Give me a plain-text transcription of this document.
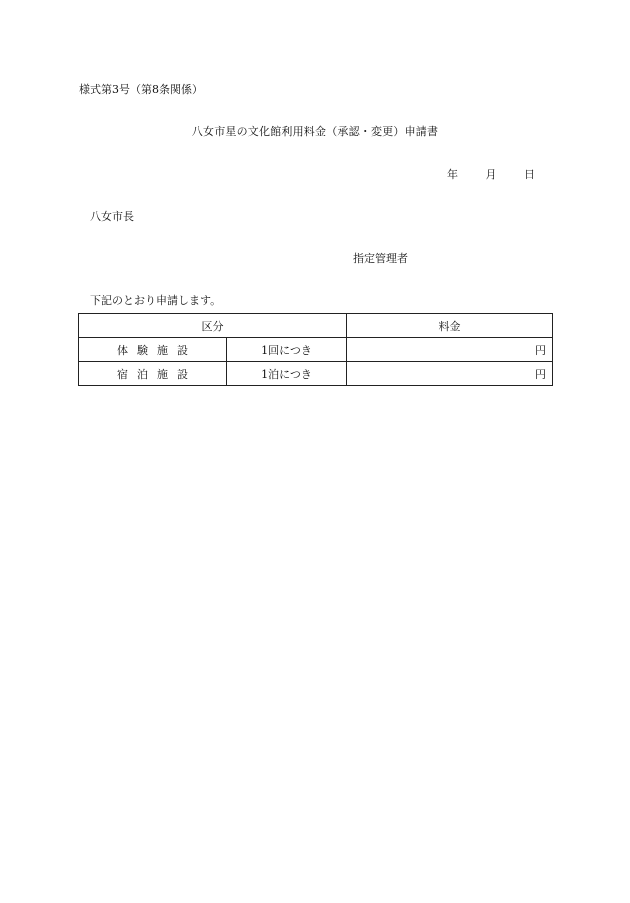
様式第3号（第8条関係）
八女市星の文化館利用料金（承認・変更）申請書
年	月	日
八女市長
指定管理者
下記のとおり申請します。
区分		料金
体験施設	1回につき	円
宿泊施設	1泊につき	円
